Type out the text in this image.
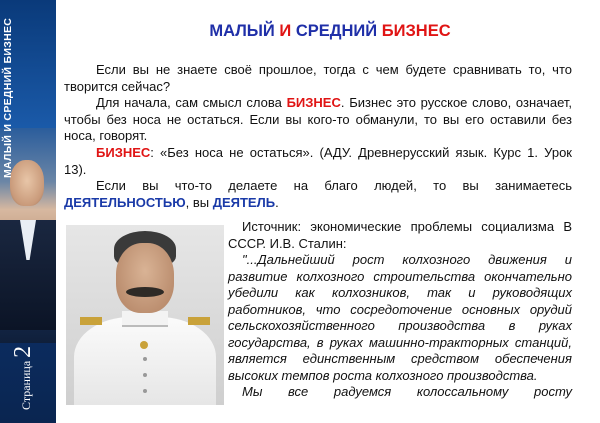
МАЛЫЙ И СРЕДНИЙ БИЗНЕС
Страница 2
МАЛЫЙ И СРЕДНИЙ БИЗНЕС
Если вы не знаете своё прошлое, тогда с чем будете сравнивать то, что творится сейчас?
Для начала, сам смысл слова БИЗНЕС. Бизнес это русское слово, означает, чтобы без носа не остаться. Если вы кого-то обманули, то вы его оставили без носа, говорят.
БИЗНЕС: «Без носа не остаться». (АДУ. Древнерусский язык. Курс 1. Урок 13).
Если вы что-то делаете на благо людей, то вы занимаетесь ДЕЯТЕЛЬНОСТЬЮ, вы ДЕЯТЕЛЬ.
Источник: экономические проблемы социализма В СССР. И.В. Сталин:
"...Дальнейший рост колхозного движения и развитие колхозного строительства окончательно убедили как колхозников, так и руководящих работников, что сосредоточение основных орудий сельскохозяйственного производства в руках государства, в руках машинно-тракторных станций, является единственным средством обеспечения высоких темпов роста колхозного производства.
Мы все радуемся колоссальному росту
